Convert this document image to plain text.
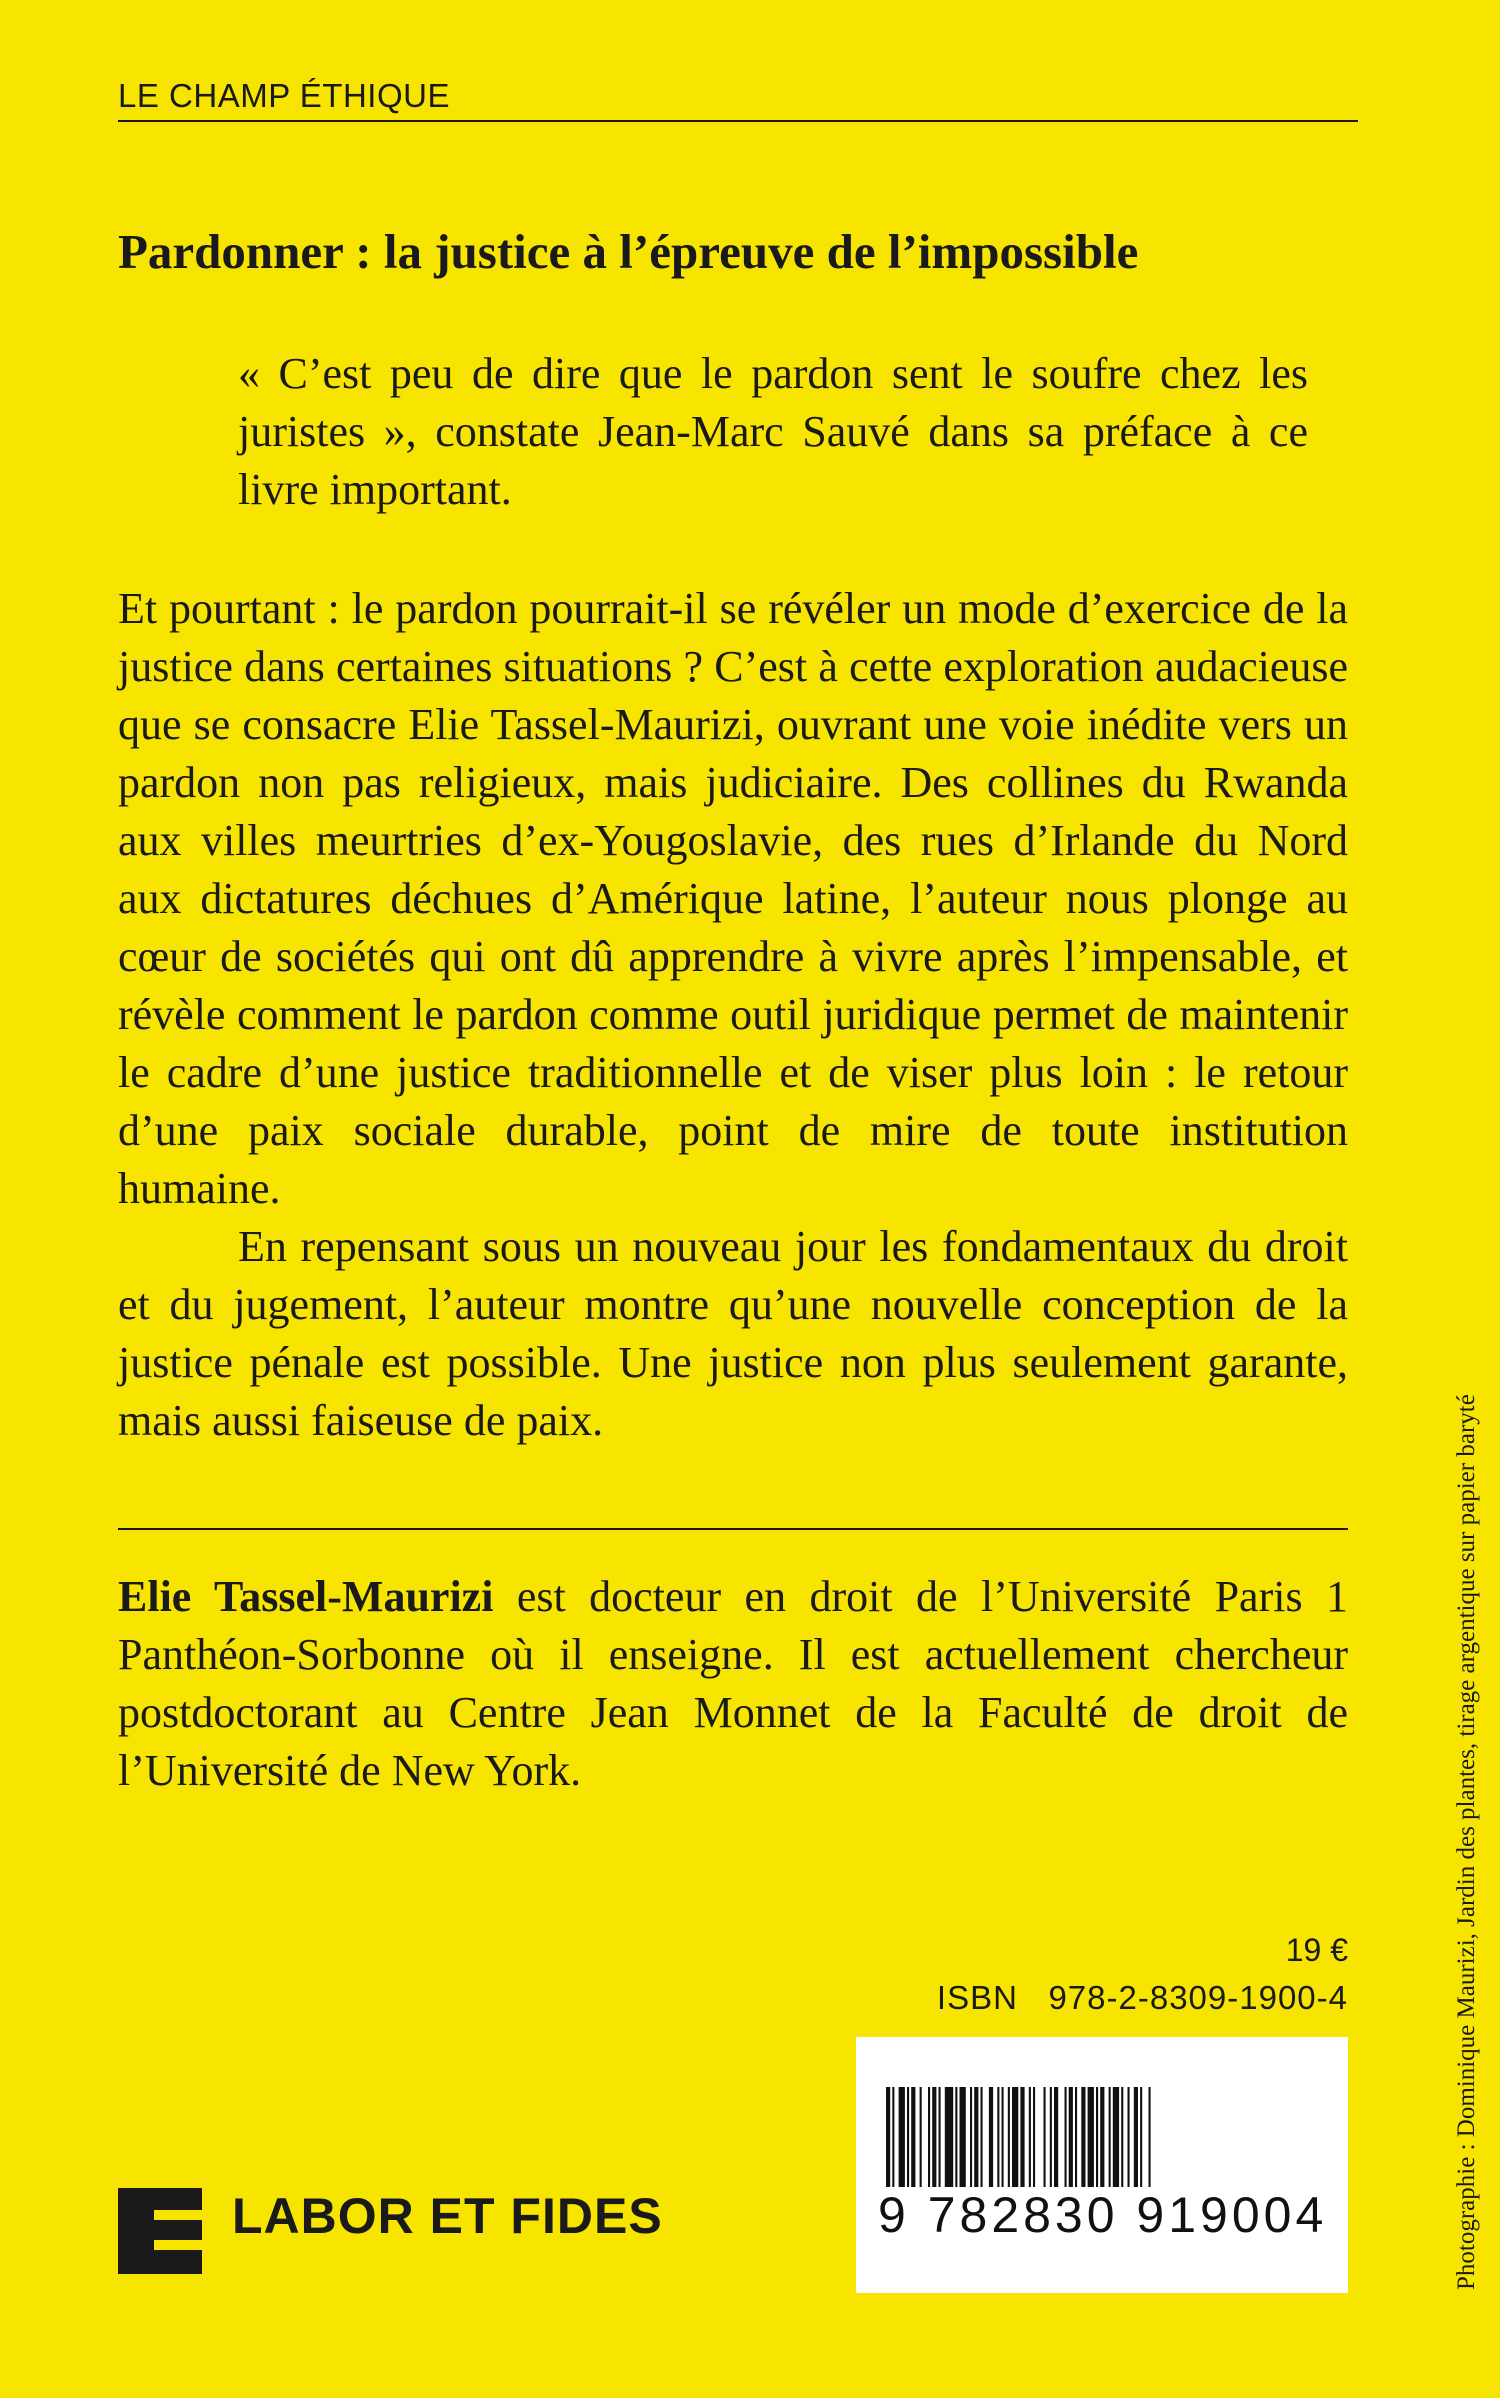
LE CHAMP ÉTHIQUE
Pardonner : la justice à l’épreuve de l’impossible

« C’est peu de dire que le pardon sent le soufre chez les juristes », constate Jean-Marc Sauvé dans sa préface à ce livre important.

Et pourtant : le pardon pourrait-il se révéler un mode d’exercice de la justice dans certaines situations ? C’est à cette exploration audacieuse que se consacre Elie Tassel-Maurizi, ouvrant une voie inédite vers un pardon non pas religieux, mais judiciaire. Des collines du Rwanda aux villes meurtries d’ex-Yougoslavie, des rues d’Irlande du Nord aux dictatures déchues d’Amérique latine, l’auteur nous plonge au cœur de sociétés qui ont dû apprendre à vivre après l’impensable, et révèle comment le pardon comme outil juridique permet de maintenir le cadre d’une justice traditionnelle et de viser plus loin : le retour d’une paix sociale durable, point de mire de toute institution humaine.

En repensant sous un nouveau jour les fondamentaux du droit et du jugement, l’auteur montre qu’une nouvelle conception de la justice pénale est possible. Une justice non plus seulement garante, mais aussi faiseuse de paix.

Elie Tassel-Maurizi est docteur en droit de l’Université Paris 1 Panthéon-Sorbonne où il enseigne. Il est actuellement chercheur postdoctorant au Centre Jean Monnet de la Faculté de droit de l’Université de New York.

19 €
ISBN   978-2-8309-1900-4
9 782830 919004
LABOR ET FIDES	Photographie : Dominique Maurizi, Jardin des plantes, tirage argentique sur papier baryté
